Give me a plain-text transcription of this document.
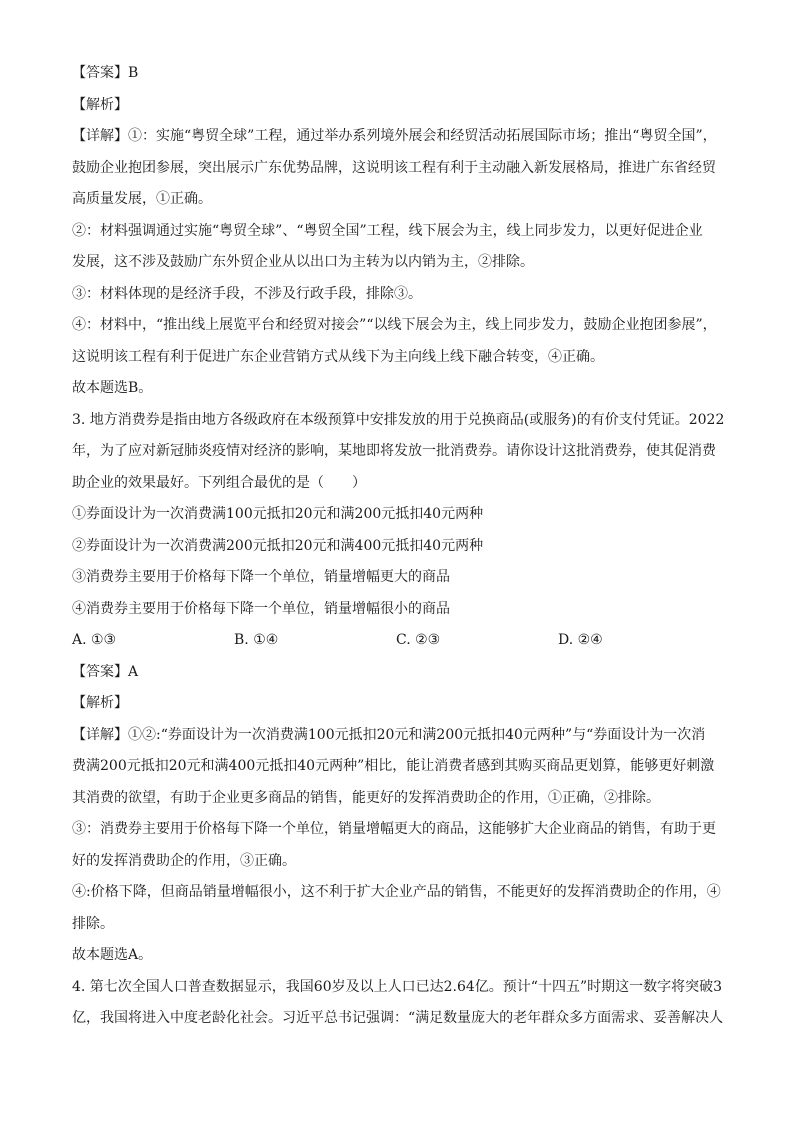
【答案】B
【解析】
【详解】①：实施“粤贸全球”工程，通过举办系列境外展会和经贸活动拓展国际市场；推出“粤贸全国”，
鼓励企业抱团参展，突出展示广东优势品牌，这说明该工程有利于主动融入新发展格局，推进广东省经贸
高质量发展，①正确。
②：材料强调通过实施“粤贸全球”、“粤贸全国”工程，线下展会为主，线上同步发力，以更好促进企业
发展，这不涉及鼓励广东外贸企业从以出口为主转为以内销为主，②排除。
③：材料体现的是经济手段，不涉及行政手段，排除③。
④：材料中，“推出线上展览平台和经贸对接会”“以线下展会为主，线上同步发力，鼓励企业抱团参展”，
这说明该工程有利于促进广东企业营销方式从线下为主向线上线下融合转变，④正确。
故本题选B。
3. 地方消费券是指由地方各级政府在本级预算中安排发放的用于兑换商品(或服务)的有价支付凭证。2022
年，为了应对新冠肺炎疫情对经济的影响，某地即将发放一批消费券。请你设计这批消费券，使其促消费
助企业的效果最好。下列组合最优的是（　　）
①券面设计为一次消费满100元抵扣20元和满200元抵扣40元两种
②券面设计为一次消费满200元抵扣20元和满400元抵扣40元两种
③消费券主要用于价格每下降一个单位，销量增幅更大的商品
④消费券主要用于价格每下降一个单位，销量增幅很小的商品
A. ①③	B. ①④	C. ②③	D. ②④
【答案】A
【解析】
【详解】①②:“券面设计为一次消费满100元抵扣20元和满200元抵扣40元两种”与“券面设计为一次消
费满200元抵扣20元和满400元抵扣40元两种”相比，能让消费者感到其购买商品更划算，能够更好刺激
其消费的欲望，有助于企业更多商品的销售，能更好的发挥消费助企的作用，①正确，②排除。
③：消费券主要用于价格每下降一个单位，销量增幅更大的商品，这能够扩大企业商品的销售，有助于更
好的发挥消费助企的作用，③正确。
④:价格下降，但商品销量增幅很小，这不利于扩大企业产品的销售，不能更好的发挥消费助企的作用，④
排除。
故本题选A。
4. 第七次全国人口普查数据显示，我国60岁及以上人口已达2.64亿。预计“十四五”时期这一数字将突破3
亿，我国将进入中度老龄化社会。习近平总书记强调：“满足数量庞大的老年群众多方面需求、妥善解决人
